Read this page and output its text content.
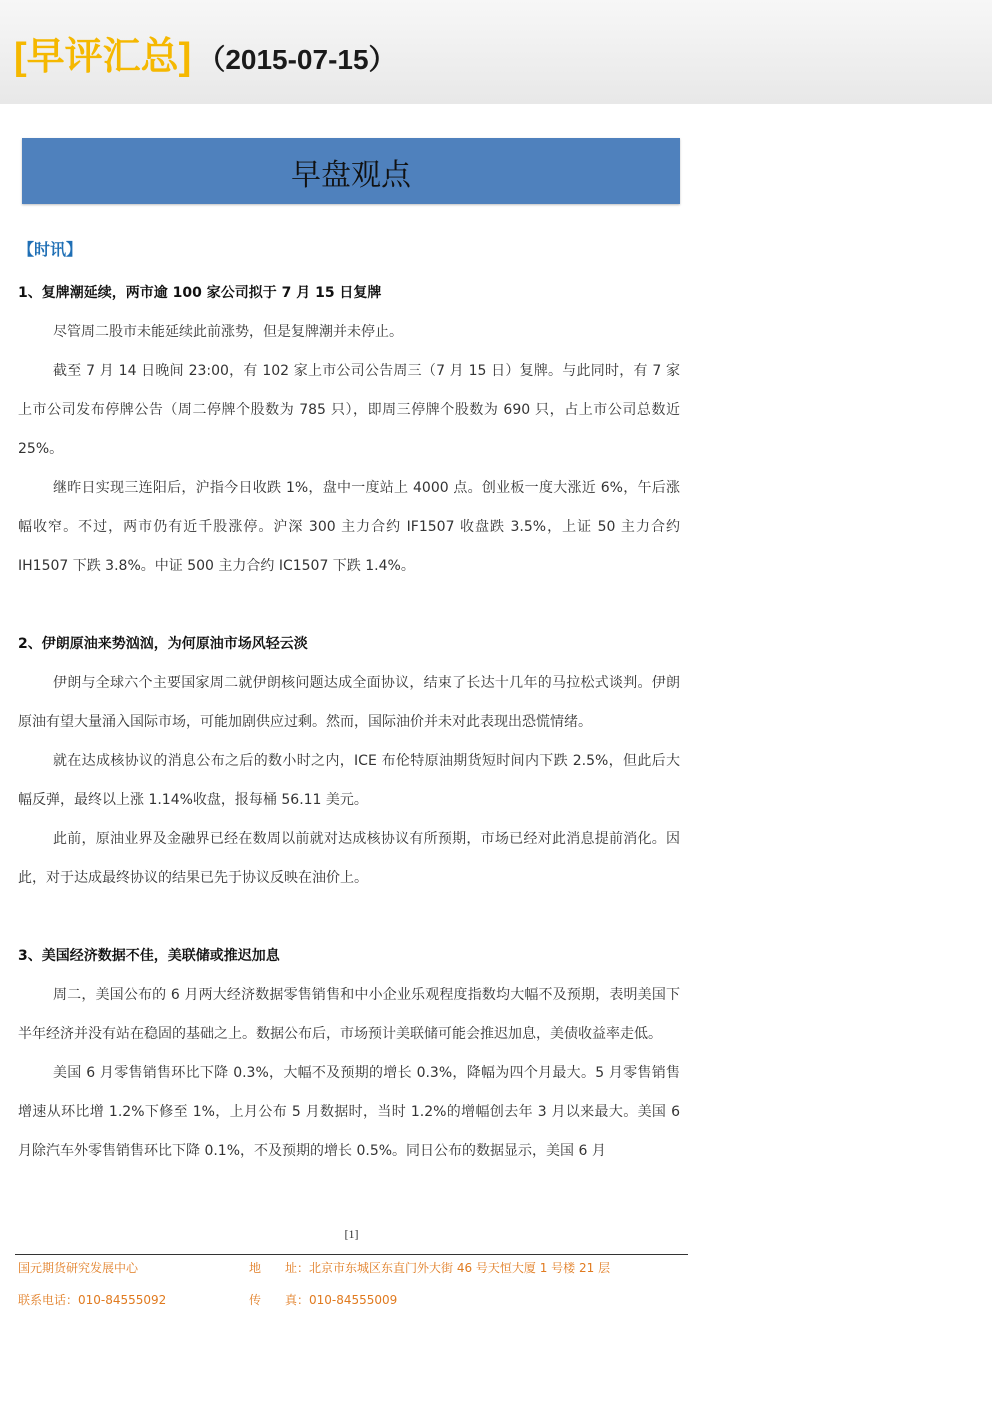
[早评汇总] （2015-07-15）
早盘观点
【时讯】

1、复牌潮延续，两市逾 100 家公司拟于 7 月 15 日复牌

尽管周二股市未能延续此前涨势，但是复牌潮并未停止。

截至 7 月 14 日晚间 23:00，有 102 家上市公司公告周三（7 月 15 日）复牌。与此同时，有 7 家上市公司发布停牌公告（周二停牌个股数为 785 只），即周三停牌个股数为 690 只，占上市公司总数近 25%。

继昨日实现三连阳后，沪指今日收跌 1%，盘中一度站上 4000 点。创业板一度大涨近 6%，午后涨幅收窄。不过，两市仍有近千股涨停。沪深 300 主力合约 IF1507 收盘跌 3.5%，上证 50 主力合约 IH1507 下跌 3.8%。中证 500 主力合约 IC1507 下跌 1.4%。

2、伊朗原油来势汹汹，为何原油市场风轻云淡

伊朗与全球六个主要国家周二就伊朗核问题达成全面协议，结束了长达十几年的马拉松式谈判。伊朗原油有望大量涌入国际市场，可能加剧供应过剩。然而，国际油价并未对此表现出恐慌情绪。

就在达成核协议的消息公布之后的数小时之内，ICE 布伦特原油期货短时间内下跌 2.5%，但此后大幅反弹，最终以上涨 1.14%收盘，报每桶 56.11 美元。

此前，原油业界及金融界已经在数周以前就对达成核协议有所预期，市场已经对此消息提前消化。因此，对于达成最终协议的结果已先于协议反映在油价上。

3、美国经济数据不佳，美联储或推迟加息

周二，美国公布的 6 月两大经济数据零售销售和中小企业乐观程度指数均大幅不及预期，表明美国下半年经济并没有站在稳固的基础之上。数据公布后，市场预计美联储可能会推迟加息，美债收益率走低。

美国 6 月零售销售环比下降 0.3%，大幅不及预期的增长 0.3%，降幅为四个月最大。5 月零售销售增速从环比增 1.2%下修至 1%，上月公布 5 月数据时，当时 1.2%的增幅创去年 3 月以来最大。美国 6 月除汽车外零售销售环比下降 0.1%，不及预期的增长 0.5%。同日公布的数据显示，美国 6 月

[1]
国元期货研究发展中心	地　　址：北京市东城区东直门外大街 46 号天恒大厦 1 号楼 21 层
联系电话：010-84555092	传　　真：010-84555009
